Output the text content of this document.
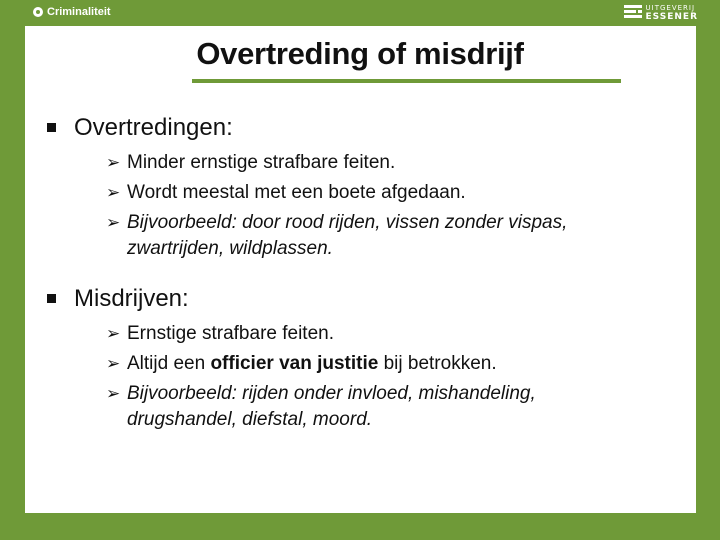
Criminaliteit	UITGEVERIJ
ESSENER
Overtreding of misdrijf
Overtredingen :
➢ Minder ernstige strafbare feiten.
➢ Wordt meestal met een boete afgedaan.
➢ Bijvoorbeeld: door rood rijden, vissen zonder vispas,
zwartrijden, wildplassen.
Misdrijven :
➢ Ernstige strafbare feiten.
➢ Altijd een officier van justitie bij betrokken.
➢ Bijvoorbeeld: rijden onder invloed, mishandeling,
drugshandel, diefstal, moord.
